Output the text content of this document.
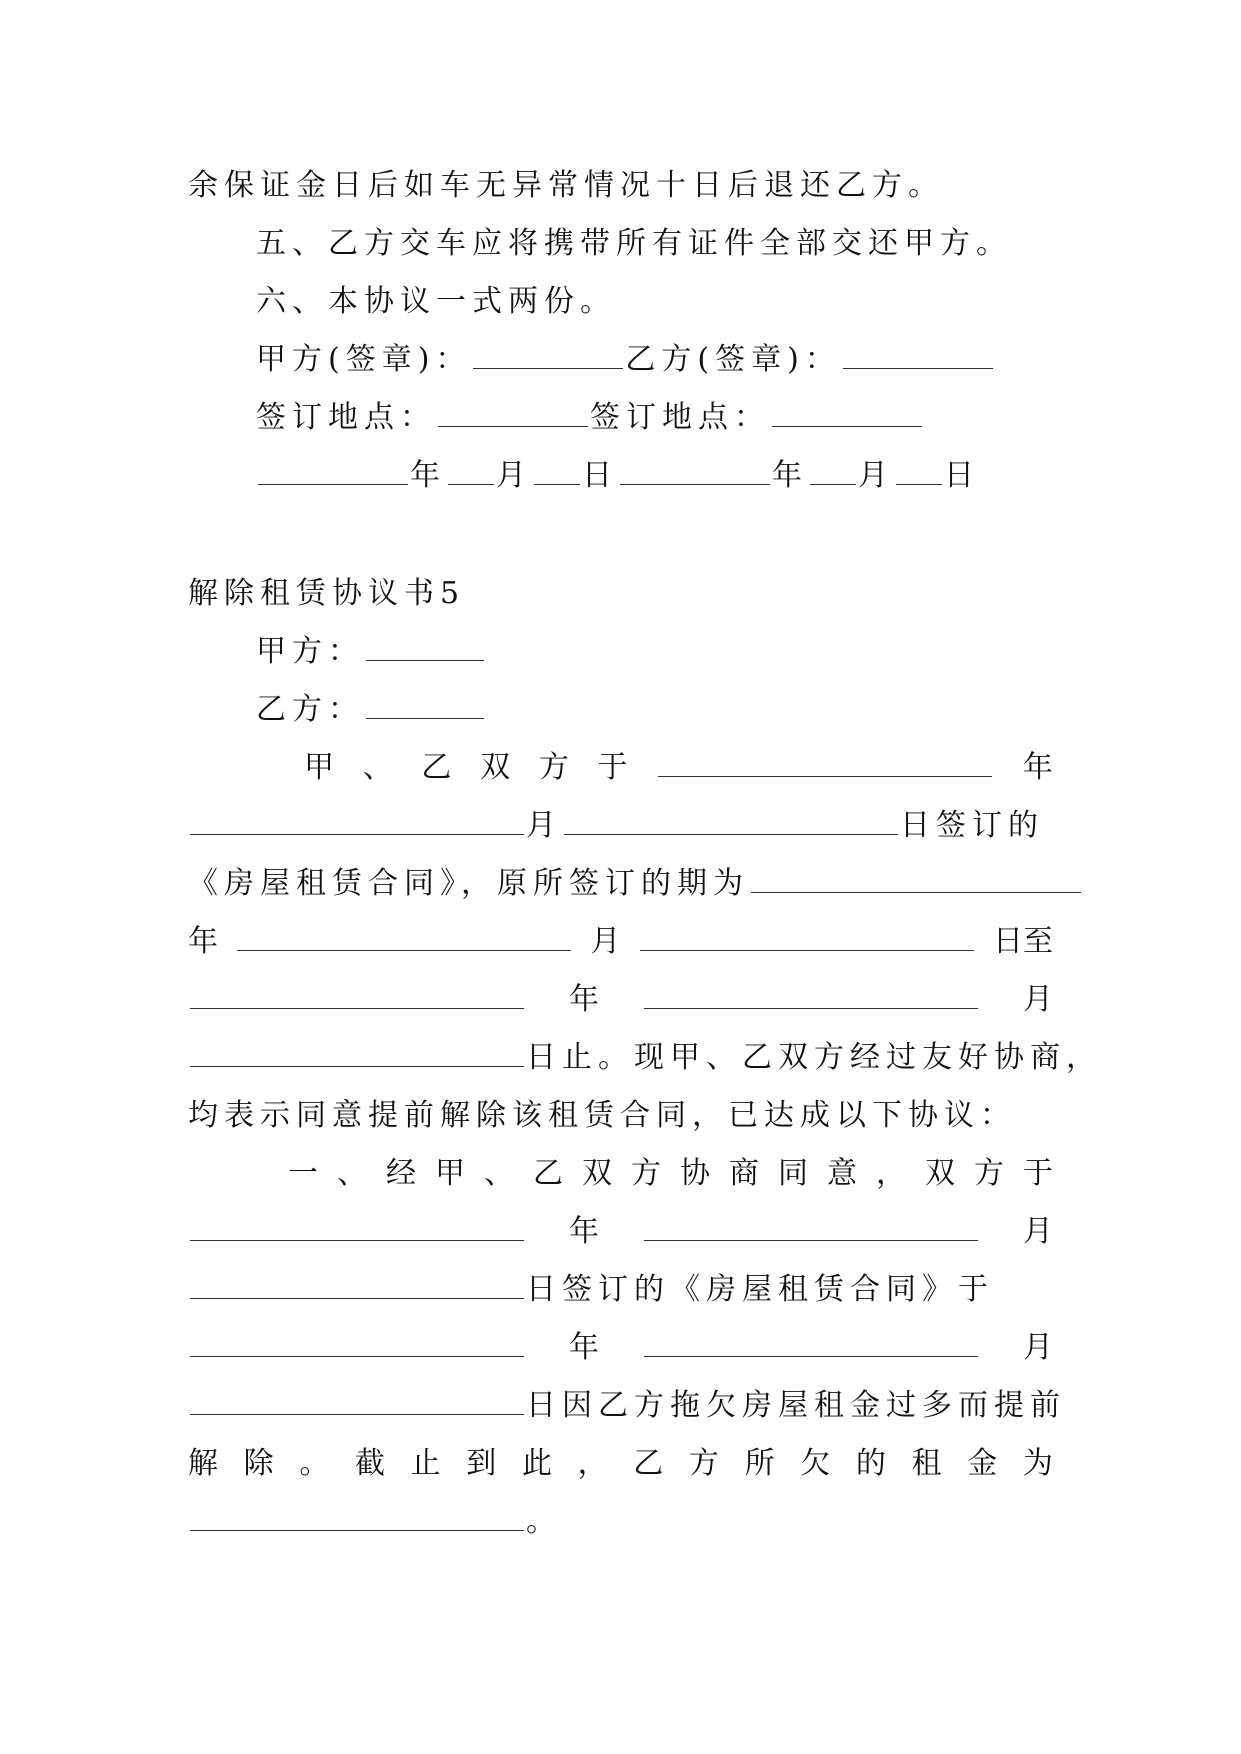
余保证金日后如车无异常情况十日后退还乙方。
五、乙方交车应将携带所有证件全部交还甲方。
六、本协议一式两份。
甲方(签章)：	乙方(签章)：
签订地点：	签订地点：
年 月 日	年 月 日
解除租赁协议书5
甲方：
乙方：
甲 、 乙 双 方 于	年
月	日签订的
《房屋租赁合同》，原所签订的期为
年	月	日至
年	月
日止。现甲、乙双方经过友好协商，
均表示同意提前解除该租赁合同，已达成以下协议：
一 、 经 甲 、 乙 双 方 协 商 同 意 ， 双 方 于
年	月
日签订的《房屋租赁合同》于
年	月
日因乙方拖欠房屋租金过多而提前
解 除 。 截 止 到 此 ， 乙 方 所 欠 的 租 金 为
。
